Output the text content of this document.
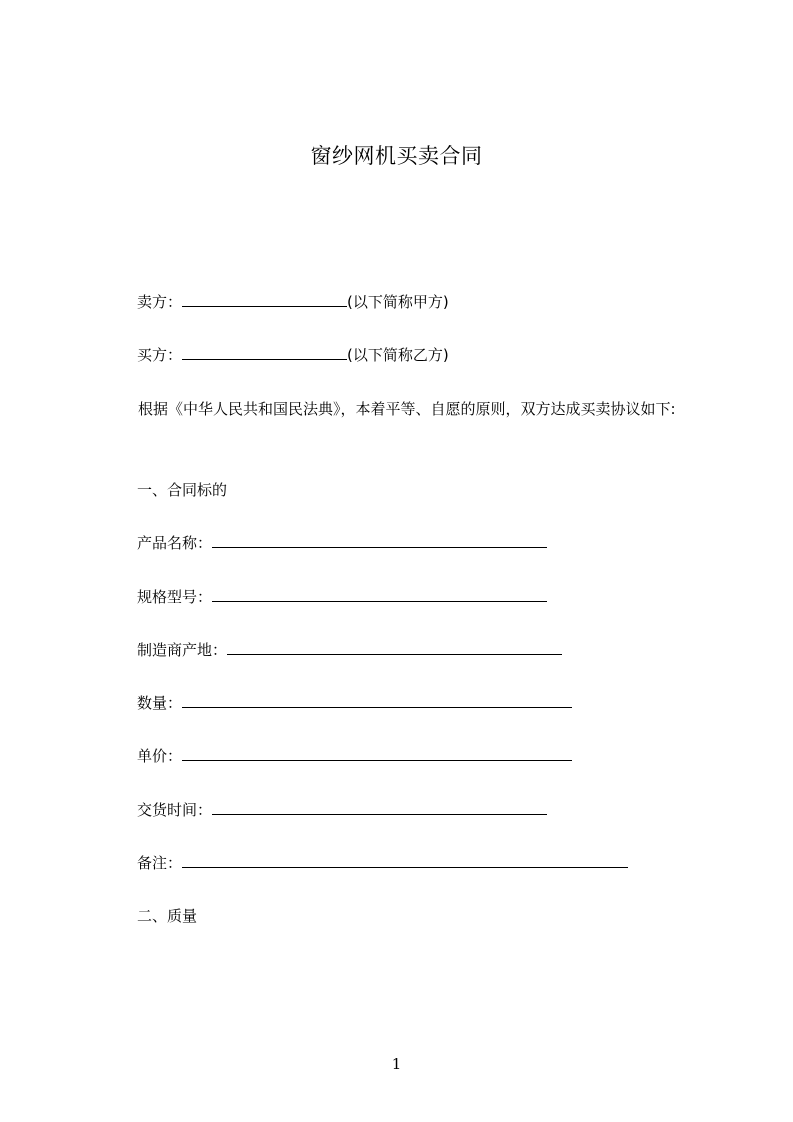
窗纱网机买卖合同
卖方：	(以下简称甲方)
买方：	(以下简称乙方)
根据《中华人民共和国民法典》，本着平等、自愿的原则，双方达成买卖协议如下:
一、合同标的
产品名称：
规格型号：
制造商产地：
数量：
单价：
交货时间：
备注：
二、质量
1
